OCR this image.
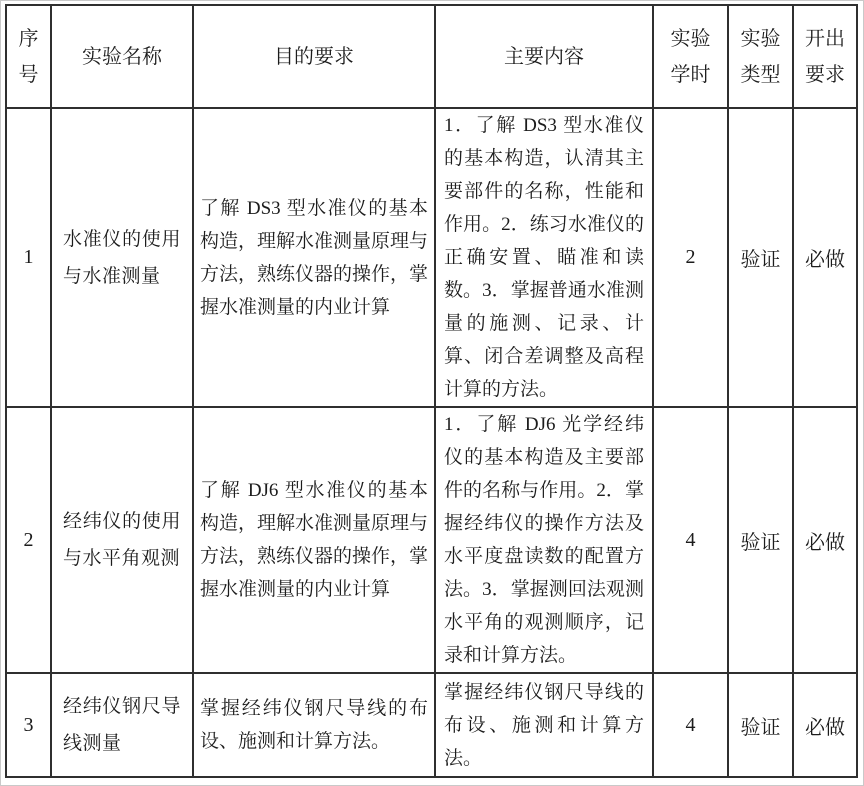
序号	实验名称	目的要求	主要内容	实验学时	实验类型	开出要求
1	水准仪的使用与水准测量	了解 DS3 型水准仪的基本构造，理解水准测量原理与方法，熟练仪器的操作，掌握水准测量的内业计算	1．了解 DS3 型水准仪的基本构造，认清其主要部件的名称，性能和作用。2．练习水准仪的正确安置、瞄准和读数。3．掌握普通水准测量的施测、记录、计算、闭合差调整及高程计算的方法。	2	验证	必做
2	经纬仪的使用与水平角观测	了解 DJ6 型水准仪的基本构造，理解水准测量原理与方法，熟练仪器的操作，掌握水准测量的内业计算	1．了解 DJ6 光学经纬仪的基本构造及主要部件的名称与作用。2．掌握经纬仪的操作方法及水平度盘读数的配置方法。3．掌握测回法观测水平角的观测顺序，记录和计算方法。	4	验证	必做
3	经纬仪钢尺导线测量	掌握经纬仪钢尺导线的布设、施测和计算方法。	掌握经纬仪钢尺导线的布设、施测和计算方法。	4	验证	必做
